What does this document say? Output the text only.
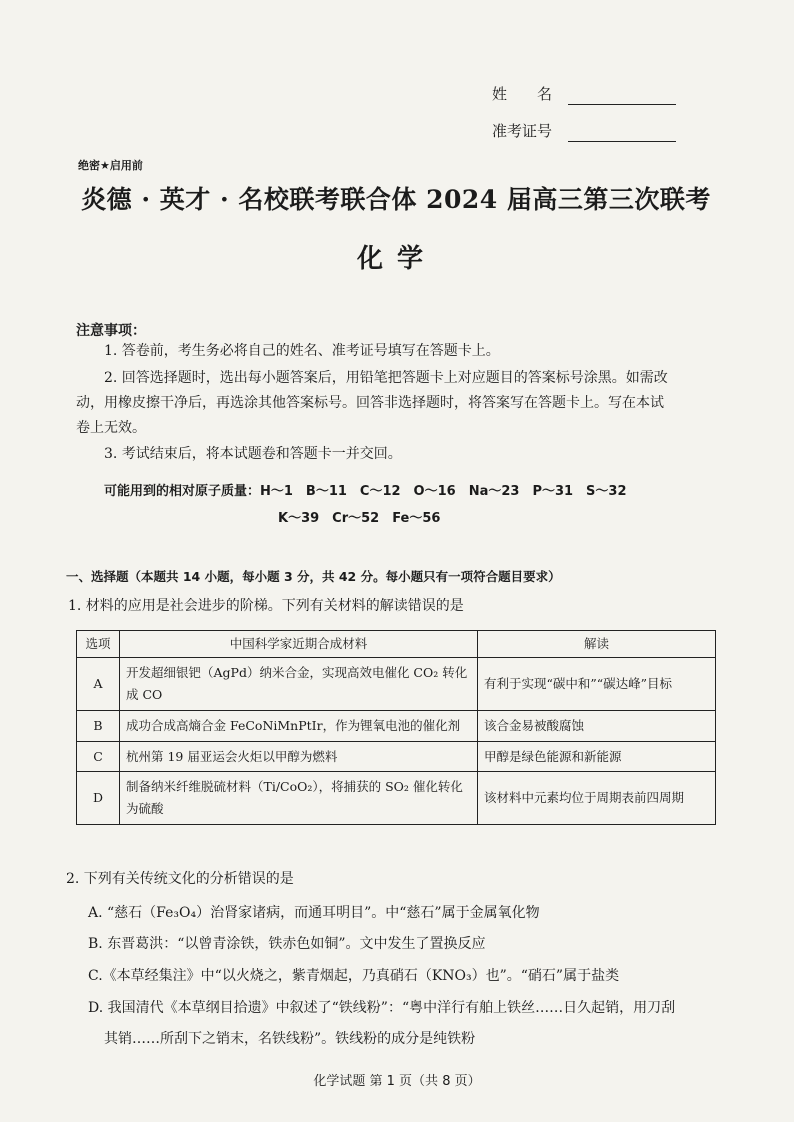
姓　　名
准考证号
绝密★启用前
炎德 · 英才 · 名校联考联合体 2024 届高三第三次联考
化学
注意事项：
1. 答卷前，考生务必将自己的姓名、准考证号填写在答题卡上。
2. 回答选择题时，选出每小题答案后，用铅笔把答题卡上对应题目的答案标号涂黑。如需改
动，用橡皮擦干净后，再选涂其他答案标号。回答非选择题时，将答案写在答题卡上。写在本试
卷上无效。
3. 考试结束后，将本试题卷和答题卡一并交回。
可能用到的相对原子质量：H～1　B～11　C～12　O～16　Na～23　P～31　S～32
K～39　Cr～52　Fe～56
一、选择题（本题共 14 小题，每小题 3 分，共 42 分。每小题只有一项符合题目要求）
1. 材料的应用是社会进步的阶梯。下列有关材料的解读错误的是
选项	中国科学家近期合成材料	解读
A	开发超细银钯（AgPd）纳米合金，实现高效电催化 CO₂ 转化成 CO	有利于实现“碳中和”“碳达峰”目标
B	成功合成高熵合金 FeCoNiMnPtIr，作为锂氧电池的催化剂	该合金易被酸腐蚀
C	杭州第 19 届亚运会火炬以甲醇为燃料	甲醇是绿色能源和新能源
D	制备纳米纤维脱硫材料（Ti/CoO₂），将捕获的 SO₂ 催化转化为硫酸	该材料中元素均位于周期表前四周期
2. 下列有关传统文化的分析错误的是
A. “慈石（Fe₃O₄）治肾家诸病，而通耳明目”。中“慈石”属于金属氧化物
B. 东晋葛洪：“以曾青涂铁，铁赤色如铜”。文中发生了置换反应
C.《本草经集注》中“以火烧之，紫青烟起，乃真硝石（KNO₃）也”。“硝石”属于盐类
D. 我国清代《本草纲目拾遗》中叙述了“铁线粉”：“粤中洋行有舶上铁丝……日久起销，用刀刮
其销……所刮下之销末，名铁线粉”。铁线粉的成分是纯铁粉
化学试题 第 1 页（共 8 页）
